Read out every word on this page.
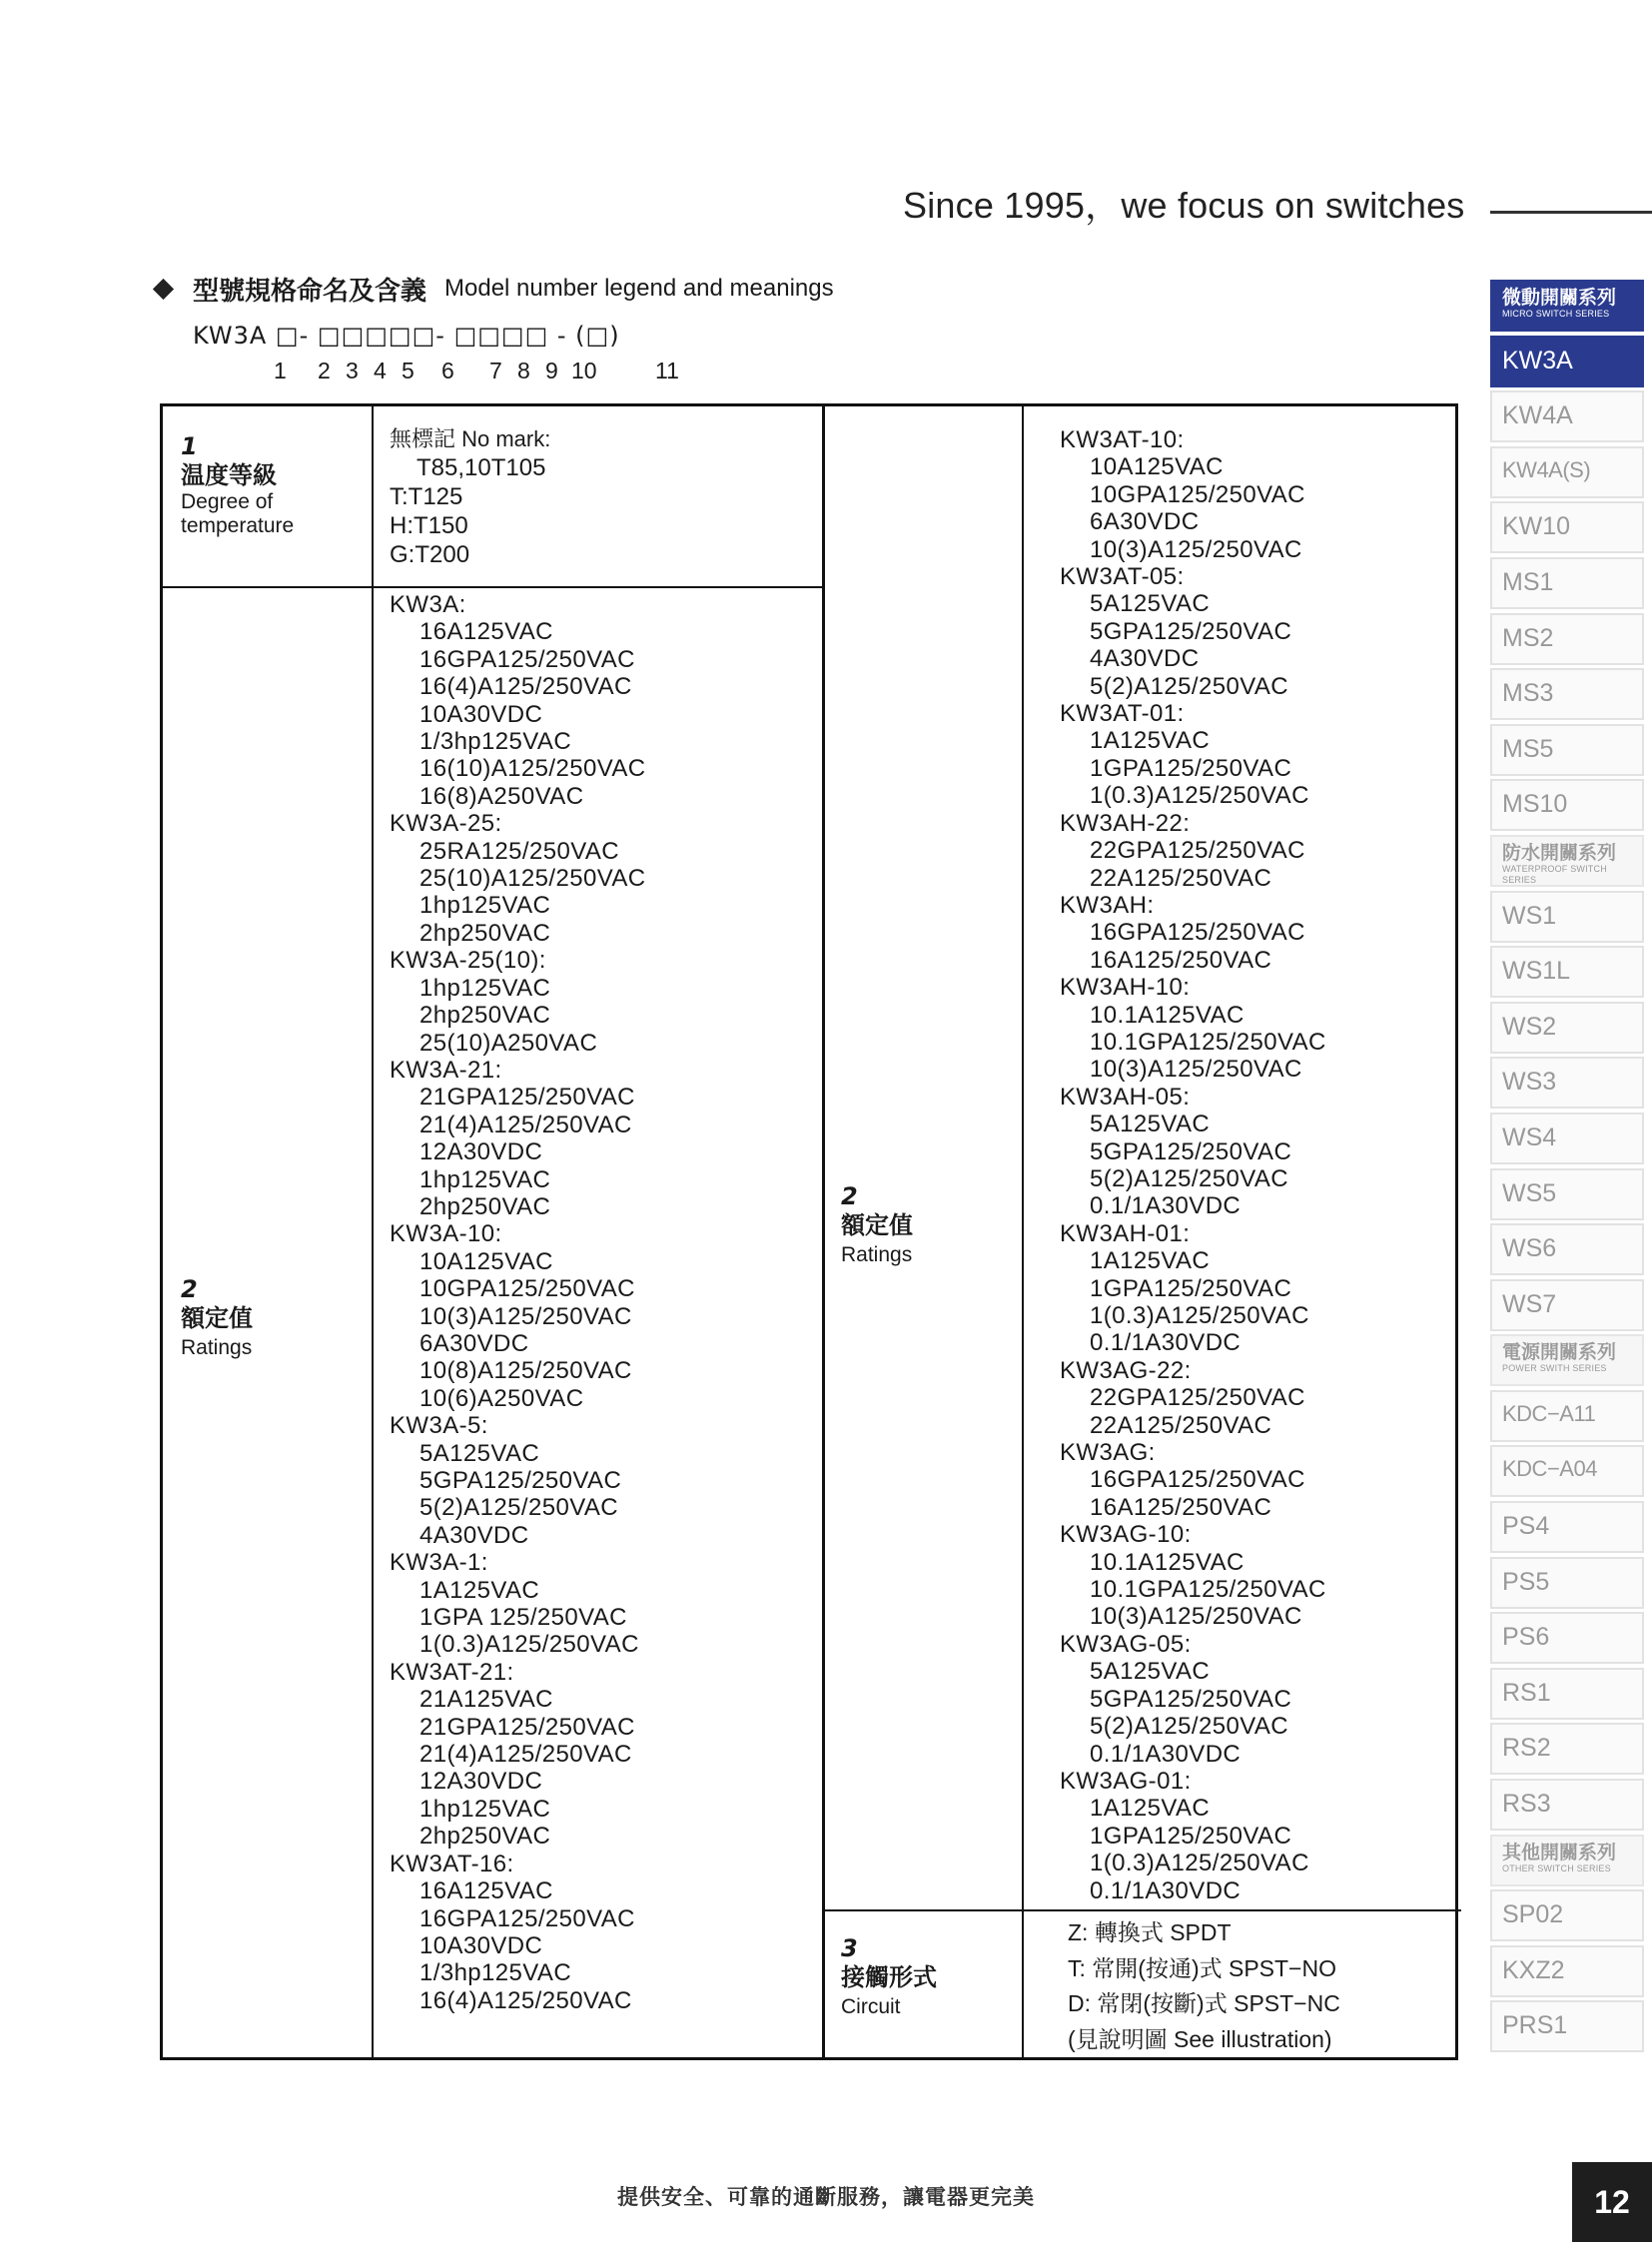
Since 1995，we focus on switches
型號規格命名及含義 Model number legend and meanings
KW3A □- □□□□□- □□□□ - (□)
1 2 3 4 5 6 7 8 9 10	11
1
温度等級
Degree of
temperature
無標記 No mark:
T85,10T105
T:T125
H:T150
G:T200
2
額定值
Ratings
KW3A:
16A125VAC
16GPA125/250VAC
16(4)A125/250VAC
10A30VDC
1/3hp125VAC
16(10)A125/250VAC
16(8)A250VAC
KW3A-25:
25RA125/250VAC
25(10)A125/250VAC
1hp125VAC
2hp250VAC
KW3A-25(10):
1hp125VAC
2hp250VAC
25(10)A250VAC
KW3A-21:
21GPA125/250VAC
21(4)A125/250VAC
12A30VDC
1hp125VAC
2hp250VAC
KW3A-10:
10A125VAC
10GPA125/250VAC
10(3)A125/250VAC
6A30VDC
10(8)A125/250VAC
10(6)A250VAC
KW3A-5:
5A125VAC
5GPA125/250VAC
5(2)A125/250VAC
4A30VDC
KW3A-1:
1A125VAC
1GPA 125/250VAC
1(0.3)A125/250VAC
KW3AT-21:
21A125VAC
21GPA125/250VAC
21(4)A125/250VAC
12A30VDC
1hp125VAC
2hp250VAC
KW3AT-16:
16A125VAC
16GPA125/250VAC
10A30VDC
1/3hp125VAC
16(4)A125/250VAC
2
額定值
Ratings
KW3AT-10:
10A125VAC
10GPA125/250VAC
6A30VDC
10(3)A125/250VAC
KW3AT-05:
5A125VAC
5GPA125/250VAC
4A30VDC
5(2)A125/250VAC
KW3AT-01:
1A125VAC
1GPA125/250VAC
1(0.3)A125/250VAC
KW3AH-22:
22GPA125/250VAC
22A125/250VAC
KW3AH:
16GPA125/250VAC
16A125/250VAC
KW3AH-10:
10.1A125VAC
10.1GPA125/250VAC
10(3)A125/250VAC
KW3AH-05:
5A125VAC
5GPA125/250VAC
5(2)A125/250VAC
0.1/1A30VDC
KW3AH-01:
1A125VAC
1GPA125/250VAC
1(0.3)A125/250VAC
0.1/1A30VDC
KW3AG-22:
22GPA125/250VAC
22A125/250VAC
KW3AG:
16GPA125/250VAC
16A125/250VAC
KW3AG-10:
10.1A125VAC
10.1GPA125/250VAC
10(3)A125/250VAC
KW3AG-05:
5A125VAC
5GPA125/250VAC
5(2)A125/250VAC
0.1/1A30VDC
KW3AG-01:
1A125VAC
1GPA125/250VAC
1(0.3)A125/250VAC
0.1/1A30VDC
3
接觸形式
Circuit
Z: 轉換式 SPDT
T: 常開(按通)式 SPST−NO
D: 常閉(按斷)式 SPST−NC
(見說明圖 See illustration)
微動開關系列
MICRO SWITCH SERIES
KW3A
KW4A
KW4A(S)
KW10
MS1
MS2
MS3
MS5
MS10
防水開關系列
WATERPROOF SWITCH SERIES
WS1
WS1L
WS2
WS3
WS4
WS5
WS6
WS7
電源開關系列
POWER SWITH SERIES
KDC−A11
KDC−A04
PS4
PS5
PS6
RS1
RS2
RS3
其他開關系列
OTHER SWITCH SERIES
SP02
KXZ2
PRS1
提供安全、可靠的通斷服務，讓電器更完美	12
